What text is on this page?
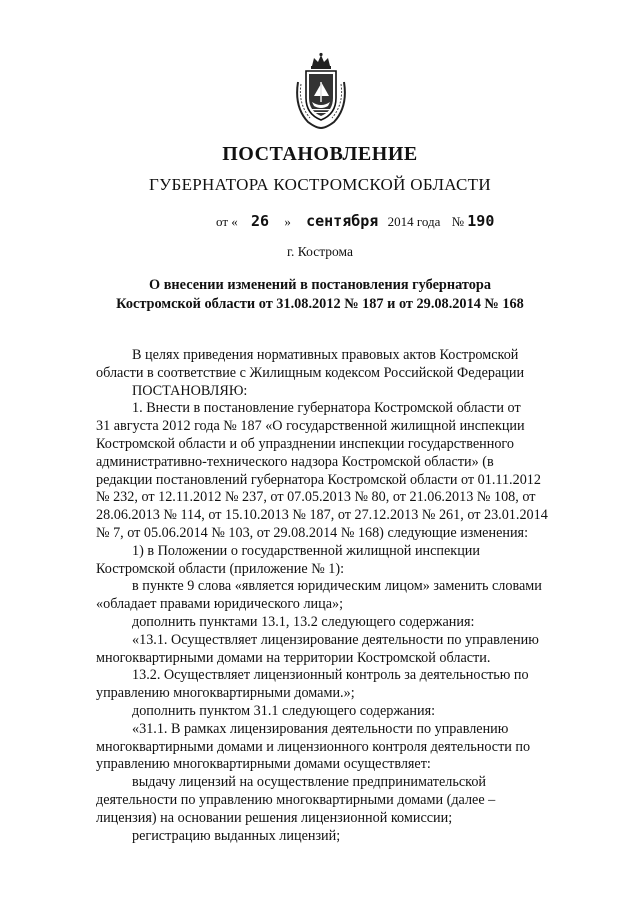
ПОСТАНОВЛЕНИЕ
ГУБЕРНАТОРА КОСТРОМСКОЙ ОБЛАСТИ
от « 26 » сентября 2014 года № 190
г. Кострома
О внесении изменений в постановления губернатора
Костромской области от 31.08.2012 № 187 и от 29.08.2014 № 168
В целях приведения нормативных правовых актов Костромской
области в соответствие с Жилищным кодексом Российской Федерации
ПОСТАНОВЛЯЮ:
1. Внести в постановление губернатора Костромской области от
31 августа 2012 года № 187 «О государственной жилищной инспекции
Костромской области и об упразднении инспекции государственного
административно-технического надзора Костромской области» (в
редакции постановлений губернатора Костромской области от 01.11.2012
№ 232, от 12.11.2012 № 237, от 07.05.2013 № 80, от 21.06.2013 № 108, от
28.06.2013 № 114, от 15.10.2013 № 187, от 27.12.2013 № 261, от 23.01.2014
№ 7, от 05.06.2014 № 103, от 29.08.2014 № 168) следующие изменения:
1) в Положении о государственной жилищной инспекции
Костромской области (приложение № 1):
в пункте 9 слова «является юридическим лицом» заменить словами
«обладает правами юридического лица»;
дополнить пунктами 13.1, 13.2 следующего содержания:
«13.1. Осуществляет лицензирование деятельности по управлению
многоквартирными домами на территории Костромской области.
13.2. Осуществляет лицензионный контроль за деятельностью по
управлению многоквартирными домами.»;
дополнить пунктом 31.1 следующего содержания:
«31.1. В рамках лицензирования деятельности по управлению
многоквартирными домами и лицензионного контроля деятельности по
управлению многоквартирными домами осуществляет:
выдачу лицензий на осуществление предпринимательской
деятельности по управлению многоквартирными домами (далее –
лицензия) на основании решения лицензионной комиссии;
регистрацию выданных лицензий;
